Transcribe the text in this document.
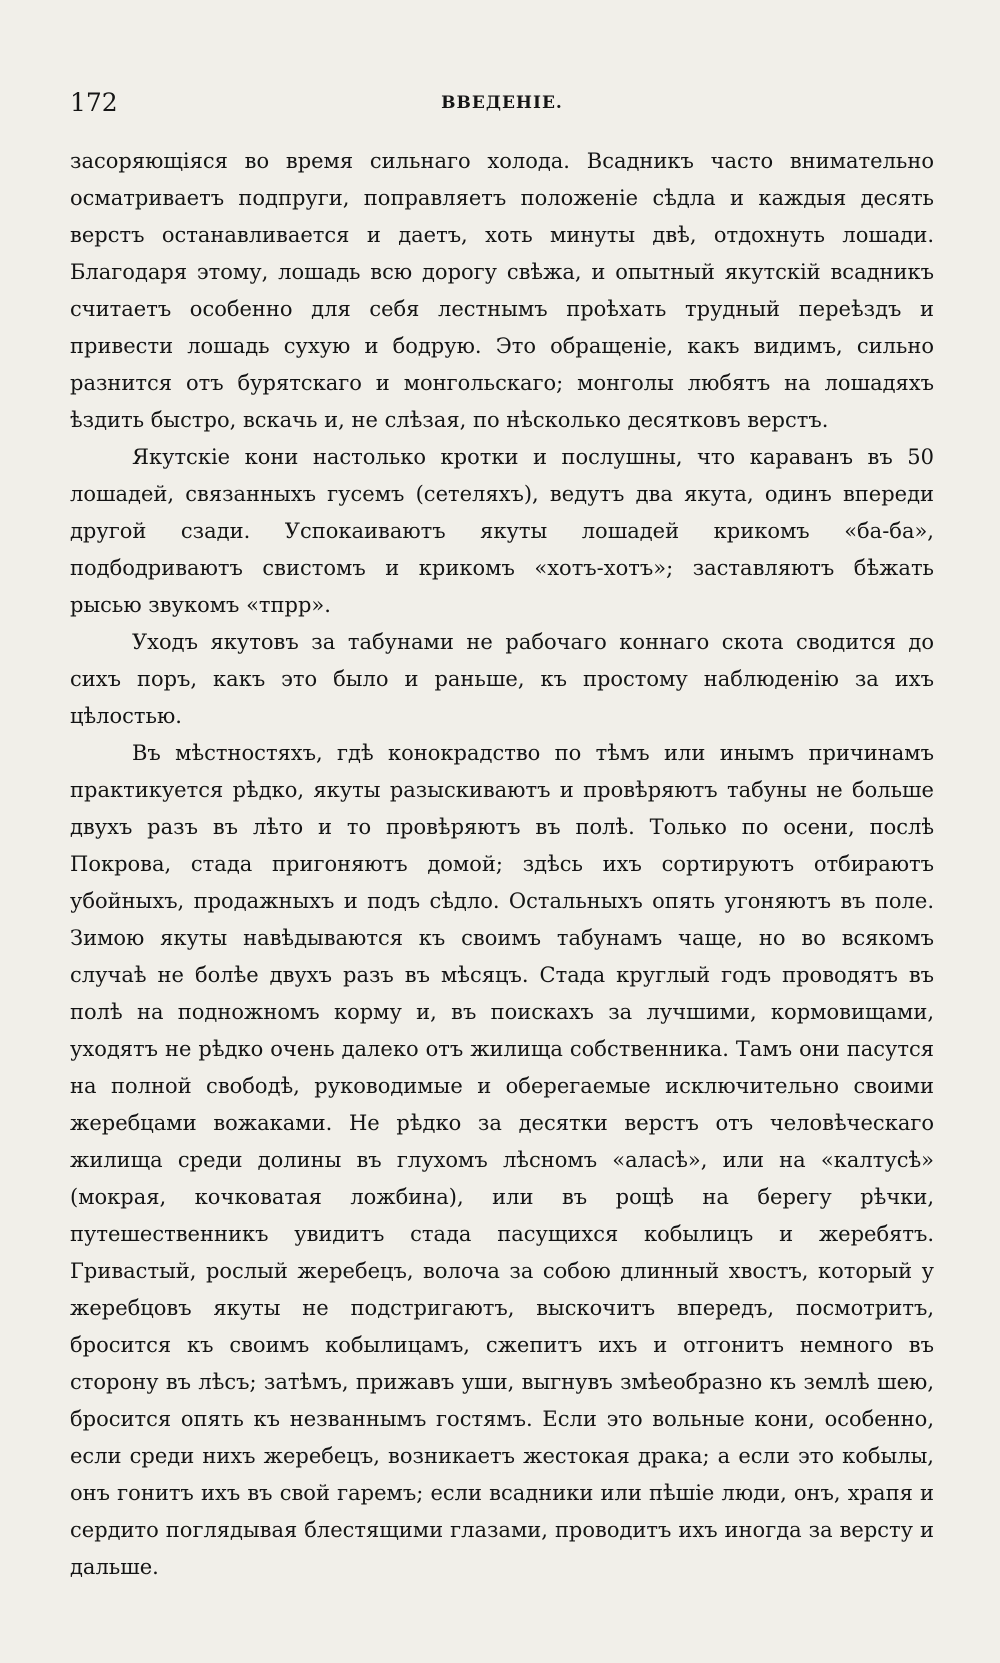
172	ВВЕДЕНІЕ.

засоряющіяся во время сильнаго холода. Всадникъ часто внимательно осматриваетъ подпруги, поправляетъ положеніе сѣдла и каждыя десять верстъ останавливается и даетъ, хоть минуты двѣ, отдохнуть лошади. Благодаря этому, лошадь всю дорогу свѣжа, и опытный якутскій всадникъ считаетъ особенно для себя лестнымъ проѣхать трудный переѣздъ и привести лошадь сухую и бодрую. Это обращеніе, какъ видимъ, сильно разнится отъ бурятскаго и монгольскаго; монголы любятъ на лошадяхъ ѣздить быстро, вскачь и, не слѣзая, по нѣсколько десятковъ верстъ.

Якутскіе кони настолько кротки и послушны, что караванъ въ 50 лошадей, связанныхъ гусемъ (сетеляхъ), ведутъ два якута, одинъ впереди другой сзади. Успокаиваютъ якуты лошадей крикомъ «ба-ба», подбодриваютъ свистомъ и крикомъ «хотъ-хотъ»; заставляютъ бѣжать рысью звукомъ «тпрр».

Уходъ якутовъ за табунами не рабочаго коннаго скота сводится до сихъ поръ, какъ это было и раньше, къ простому наблюденію за ихъ цѣлостью.

Въ мѣстностяхъ, гдѣ конокрадство по тѣмъ или инымъ причинамъ практикуется рѣдко, якуты разыскиваютъ и провѣряютъ табуны не больше двухъ разъ въ лѣто и то провѣряютъ въ полѣ. Только по осени, послѣ Покрова, стада пригоняютъ домой; здѣсь ихъ сортируютъ отбираютъ убойныхъ, продажныхъ и подъ сѣдло. Остальныхъ опять угоняютъ въ поле. Зимою якуты навѣдываются къ своимъ табунамъ чаще, но во всякомъ случаѣ не болѣе двухъ разъ въ мѣсяцъ. Стада круглый годъ проводятъ въ полѣ на подножномъ корму и, въ поискахъ за лучшими, кормовищами, уходятъ не рѣдко очень далеко отъ жилища собственника. Тамъ они пасутся на полной свободѣ, руководимые и оберегаемые исключительно своими жеребцами вожаками. Не рѣдко за десятки верстъ отъ человѣческаго жилища среди долины въ глухомъ лѣсномъ «аласѣ», или на «калтусѣ» (мокрая, кочковатая ложбина), или въ рощѣ на берегу рѣчки, путешественникъ увидитъ стада пасущихся кобылицъ и жеребятъ. Гривастый, рослый жеребецъ, волоча за собою длинный хвостъ, который у жеребцовъ якуты не подстригаютъ, выскочитъ впередъ, посмотритъ, бросится къ своимъ кобылицамъ, сжепитъ ихъ и отгонитъ немного въ сторону въ лѣсъ; затѣмъ, прижавъ уши, выгнувъ змѣеобразно къ землѣ шею, бросится опять къ незваннымъ гостямъ. Если это вольные кони, особенно, если среди нихъ жеребецъ, возникаетъ жестокая драка; а если это кобылы, онъ гонитъ ихъ въ свой гаремъ; если всадники или пѣшіе люди, онъ, храпя и сердито поглядывая блестящими глазами, проводитъ ихъ иногда за версту и дальше.
